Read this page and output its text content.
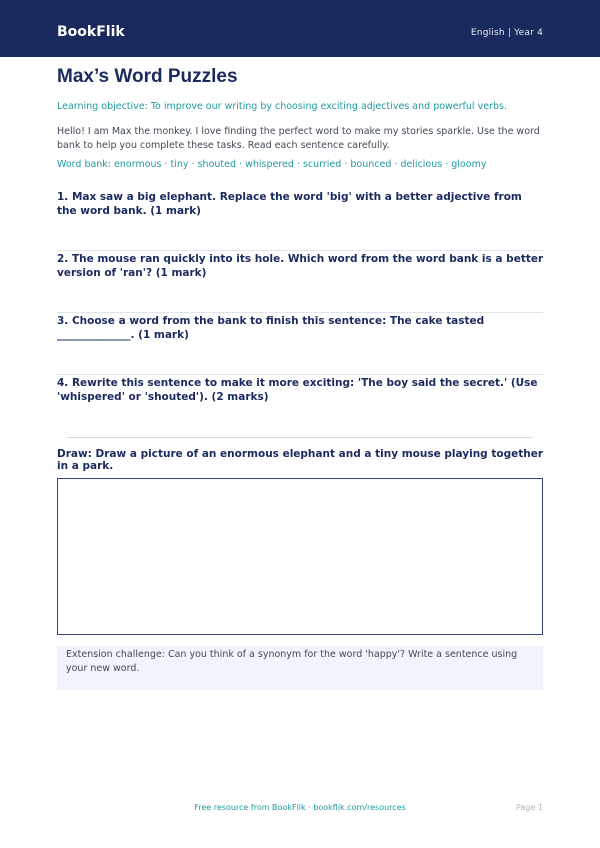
BookFlik	English | Year 4
Max’s Word Puzzles
Learning objective: To improve our writing by choosing exciting adjectives and powerful verbs.
Hello! I am Max the monkey. I love finding the perfect word to make my stories sparkle. Use the word bank to help you complete these tasks. Read each sentence carefully.
Word bank: enormous · tiny · shouted · whispered · scurried · bounced · delicious · gloomy
1. Max saw a big elephant. Replace the word 'big' with a better adjective from the word bank. (1 mark)
2. The mouse ran quickly into its hole. Which word from the word bank is a better version of 'ran'? (1 mark)
3. Choose a word from the bank to finish this sentence: The cake tasted ______________. (1 mark)
4. Rewrite this sentence to make it more exciting: 'The boy said the secret.' (Use 'whispered' or 'shouted'). (2 marks)
Draw: Draw a picture of an enormous elephant and a tiny mouse playing together in a park.
Extension challenge: Can you think of a synonym for the word 'happy'? Write a sentence using your new word.
Free resource from BookFlik · bookflik.com/resources	Page 1
